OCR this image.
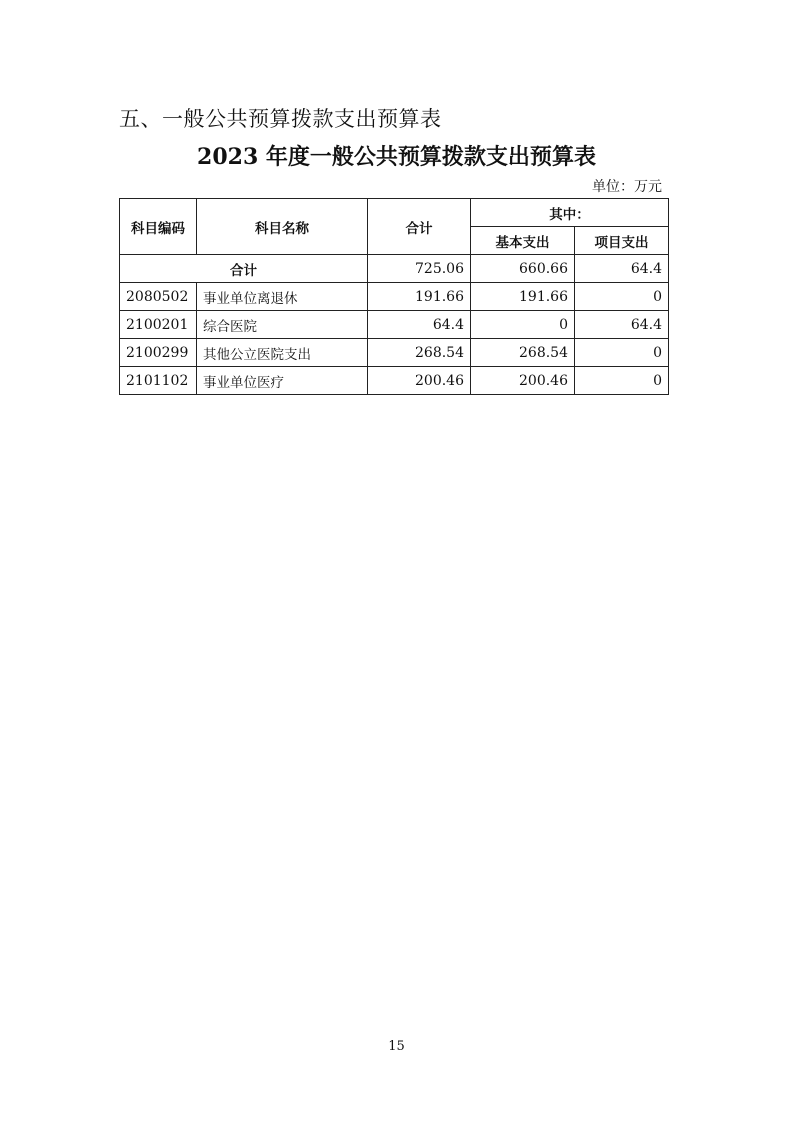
五、一般公共预算拨款支出预算表
2023 年度一般公共预算拨款支出预算表
单位：万元
科目编码	科目名称	合计	其中：	
			基本支出	项目支出
合计		725.06	660.66	64.4
2080502	事业单位离退休	191.66	191.66	0
2100201	综合医院	64.4	0	64.4
2100299	其他公立医院支出	268.54	268.54	0
2101102	事业单位医疗	200.46	200.46	0
15
